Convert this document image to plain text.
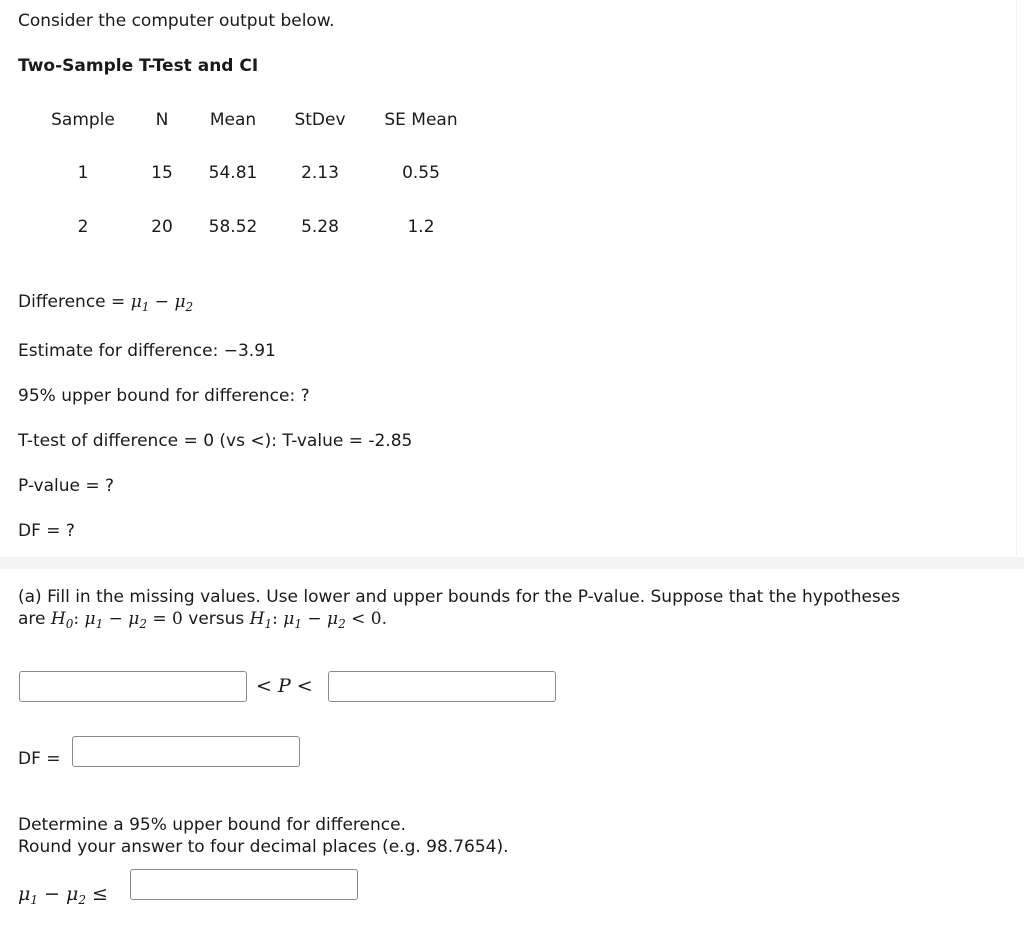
Consider the computer output below.
Two-Sample T-Test and CI
Sample	N	Mean	StDev	SE Mean
1	15	54.81	2.13	0.55
2	20	58.52	5.28	1.2
Difference = $\mu_1 - \mu_2$
Estimate for difference: −3.91
95% upper bound for difference: ?
T-test of difference = 0 (vs <): T-value = -2.85
P-value = ?
DF = ?
(a) Fill in the missing values. Use lower and upper bounds for the P-value. Suppose that the hypotheses
are $H_0$: $\mu_1 - \mu_2 = 0$ versus $H_1$: $\mu_1 - \mu_2 < 0$.
< P <
DF =
Determine a 95% upper bound for difference.
Round your answer to four decimal places (e.g. 98.7654).
$\mu_1 - \mu_2$ ≤
